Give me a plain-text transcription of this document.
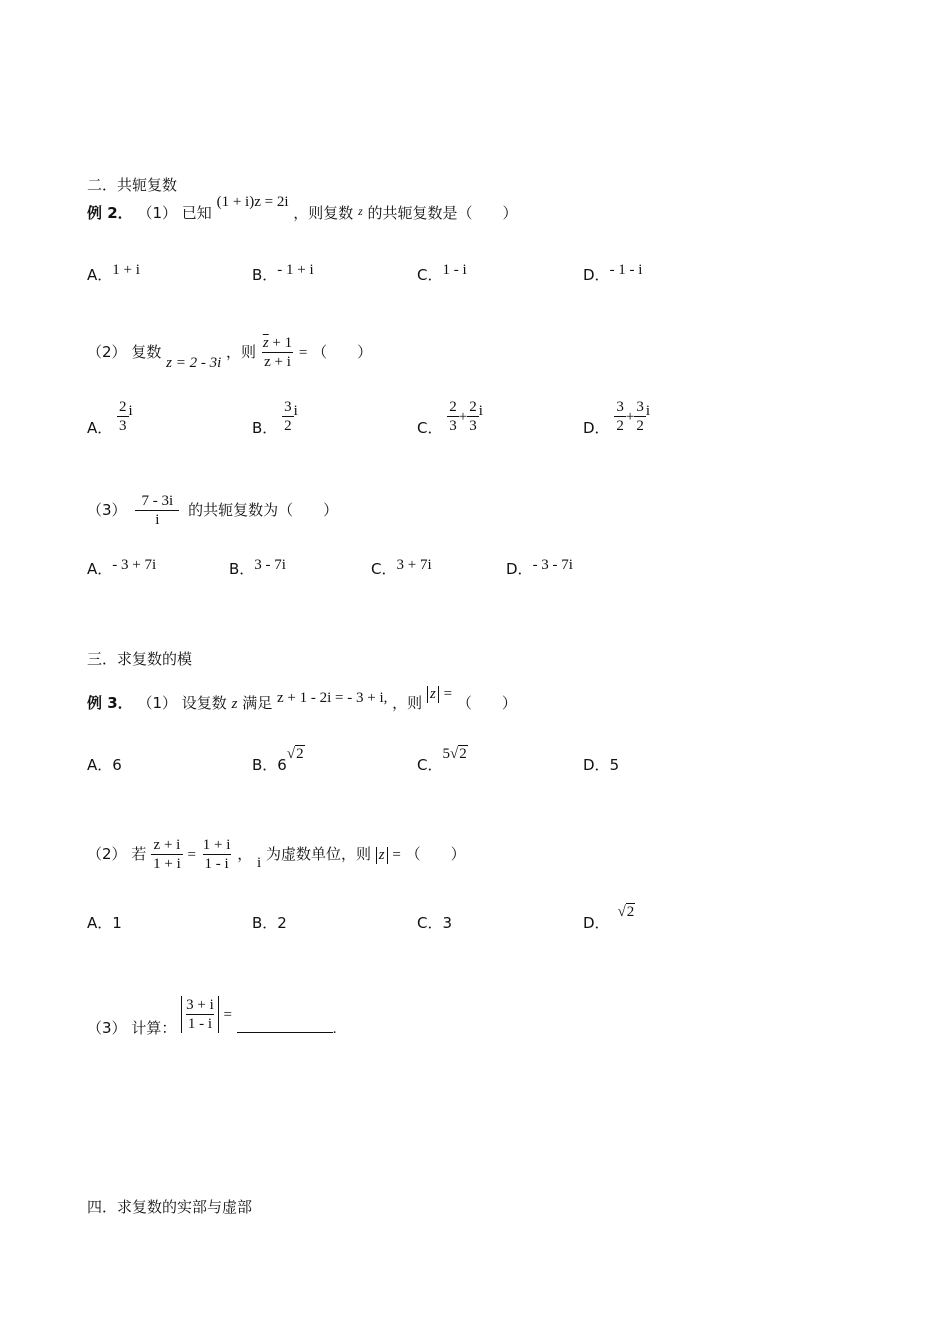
二．共轭复数
例 2． （1） 已知 (1 + i)z = 2i ，则复数 $^z$ 的共轭复数是（　　）
A．1 + i	B．- 1 + i	C．1 - i	D．- 1 - i
（2） 复数 z = 2 - 3i ，则 $\frac{\overline{z} + 1}{z + i}$ = （　　）
A． $\frac{2}{3}$ i
B． $\frac{3}{2}$ i
C． $\frac{2}{3} + \frac{2}{3}$ i
D． $\frac{3}{2} + \frac{3}{2}$ i
$(3) \frac{7 - 3i}{i}$ 的共轭复数为（　　）
A．- 3 + 7i	B．3 - 7i	C．3 + 7i	D．- 3 - 7i
三．求复数的模
例 3． （1） 设复数 z 满足 z + 1 - 2i = - 3 + i, ，则 z = （　　）
A．6	B．6√2
C．5√2
D．5
（2） 若 $\frac{z + i}{1 + i} = \frac{1 + i}{1 - i}$ ， i 为虚数单位，则 z = （　　）
A．1	B．2	C．3	D．√2
（3） 计算： $\frac{3 + i}{1 - i}$ = .
四．求复数的实部与虚部
